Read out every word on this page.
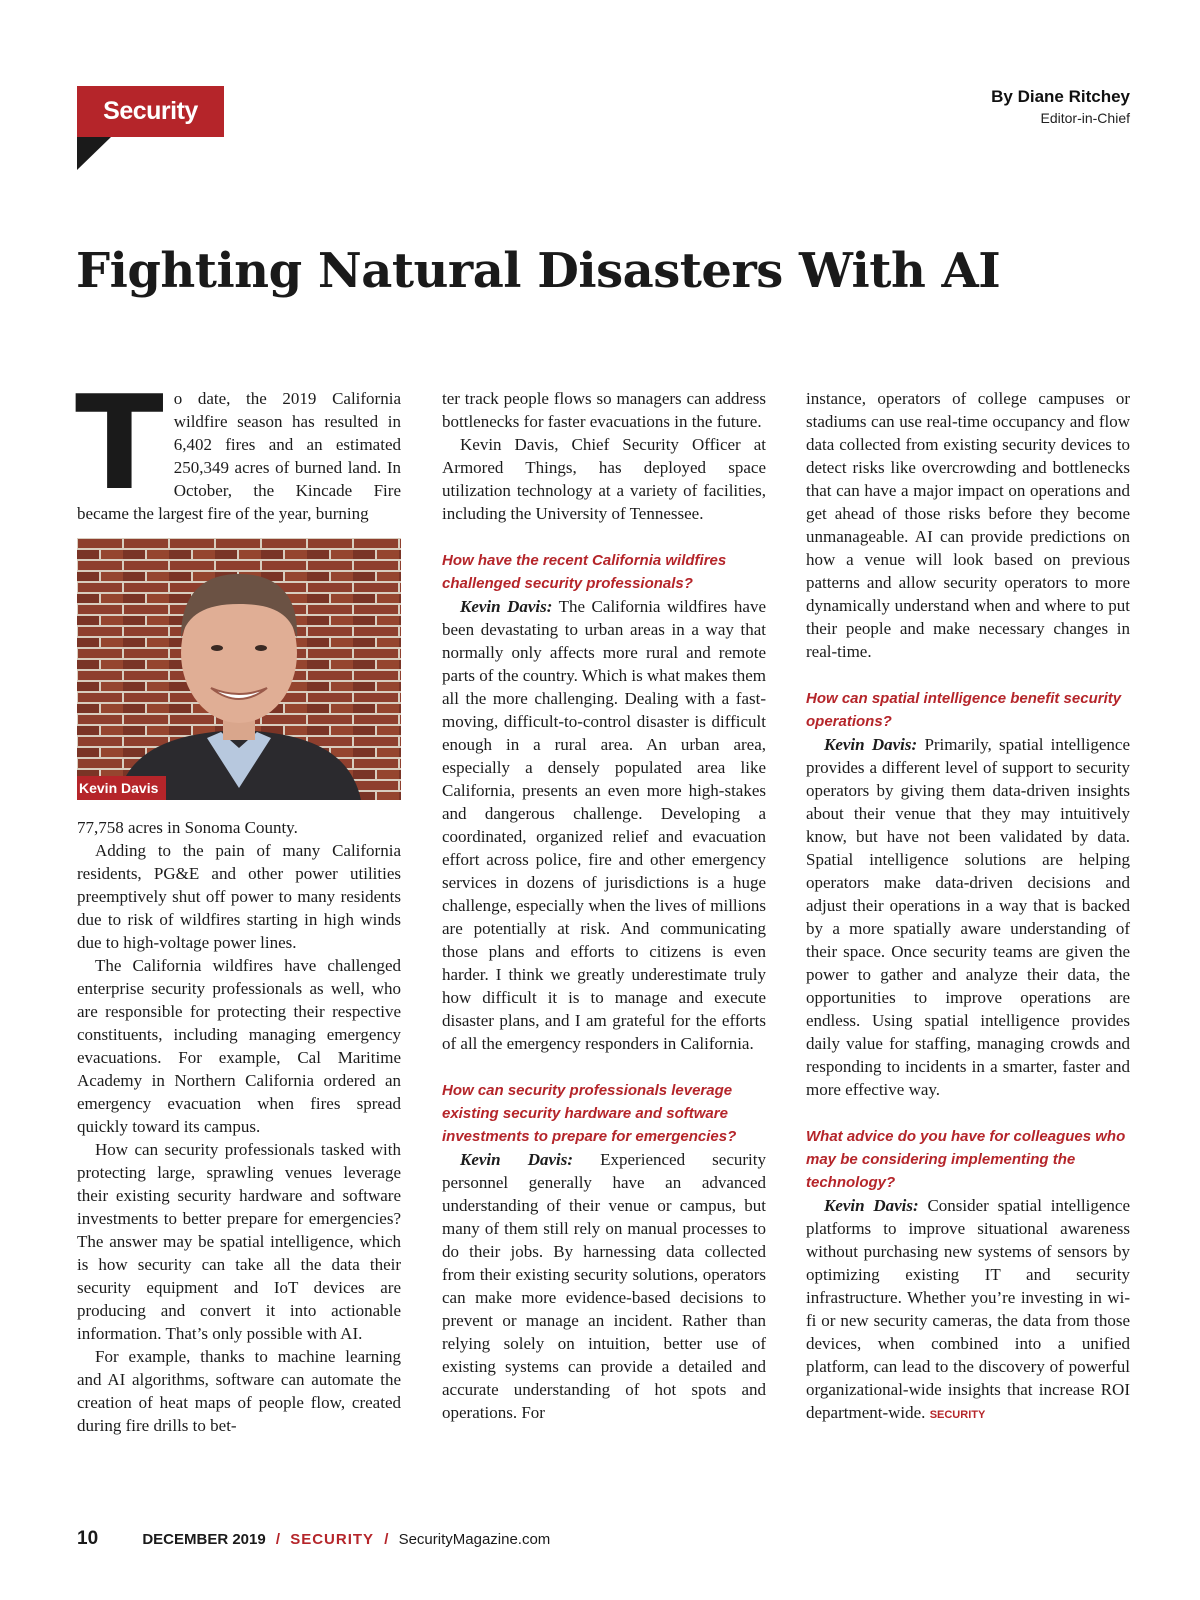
Security Talk
By Diane Ritchey
Editor-in-Chief
Fighting Natural Disasters With AI

To date, the 2019 California wildfire season has resulted in 6,402 fires and an estimated 250,349 acres of burned land. In October, the Kincade Fire became the largest fire of the year, burning

Kevin Davis

77,758 acres in Sonoma County.

Adding to the pain of many California residents, PG&E and other power utilities preemptively shut off power to many residents due to risk of wildfires starting in high winds due to high-voltage power lines.

The California wildfires have challenged enterprise security professionals as well, who are responsible for protecting their respective constituents, including managing emergency evacuations. For example, Cal Maritime Academy in Northern California ordered an emergency evacuation when fires spread quickly toward its campus.

How can security professionals tasked with protecting large, sprawling venues leverage their existing security hardware and software investments to better prepare for emergencies? The answer may be spatial intelligence, which is how security can take all the data their security equipment and IoT devices are producing and convert it into actionable information. That’s only possible with AI.

For example, thanks to machine learning and AI algorithms, software can automate the creation of heat maps of people flow, created during fire drills to bet-

ter track people flows so managers can address bottlenecks for faster evacuations in the future.

Kevin Davis, Chief Security Officer at Armored Things, has deployed space utilization technology at a variety of facilities, including the University of Tennessee.

How have the recent California wildfires challenged security professionals?

Kevin Davis: The California wildfires have been devastating to urban areas in a way that normally only affects more rural and remote parts of the country. Which is what makes them all the more challenging. Dealing with a fast-moving, difficult-to-control disaster is difficult enough in a rural area. An urban area, especially a densely populated area like California, presents an even more high-stakes and dangerous challenge. Developing a coordinated, organized relief and evacuation effort across police, fire and other emergency services in dozens of jurisdictions is a huge challenge, especially when the lives of millions are potentially at risk. And communicating those plans and efforts to citizens is even harder. I think we greatly underestimate truly how difficult it is to manage and execute disaster plans, and I am grateful for the efforts of all the emergency responders in California.

How can security professionals leverage existing security hardware and software investments to prepare for emergencies?

Kevin Davis: Experienced security personnel generally have an advanced understanding of their venue or campus, but many of them still rely on manual processes to do their jobs. By harnessing data collected from their existing security solutions, operators can make more evidence-based decisions to prevent or manage an incident. Rather than relying solely on intuition, better use of existing systems can provide a detailed and accurate understanding of hot spots and operations. For

instance, operators of college campuses or stadiums can use real-time occupancy and flow data collected from existing security devices to detect risks like overcrowding and bottlenecks that can have a major impact on operations and get ahead of those risks before they become unmanageable. AI can provide predictions on how a venue will look based on previous patterns and allow security operators to more dynamically understand when and where to put their people and make necessary changes in real-time.

How can spatial intelligence benefit security operations?

Kevin Davis: Primarily, spatial intelligence provides a different level of support to security operators by giving them data-driven insights about their venue that they may intuitively know, but have not been validated by data. Spatial intelligence solutions are helping operators make data-driven decisions and adjust their operations in a way that is backed by a more spatially aware understanding of their space. Once security teams are given the power to gather and analyze their data, the opportunities to improve operations are endless. Using spatial intelligence provides daily value for staffing, managing crowds and responding to incidents in a smarter, faster and more effective way.

What advice do you have for colleagues who may be considering implementing the technology?

Kevin Davis: Consider spatial intelligence platforms to improve situational awareness without purchasing new systems of sensors by optimizing existing IT and security infrastructure. Whether you’re investing in wi-fi or new security cameras, the data from those devices, when combined into a unified platform, can lead to the discovery of powerful organizational-wide insights that increase ROI department-wide. SECURITY

10	DECEMBER 2019 / SECURITY / SecurityMagazine.com
